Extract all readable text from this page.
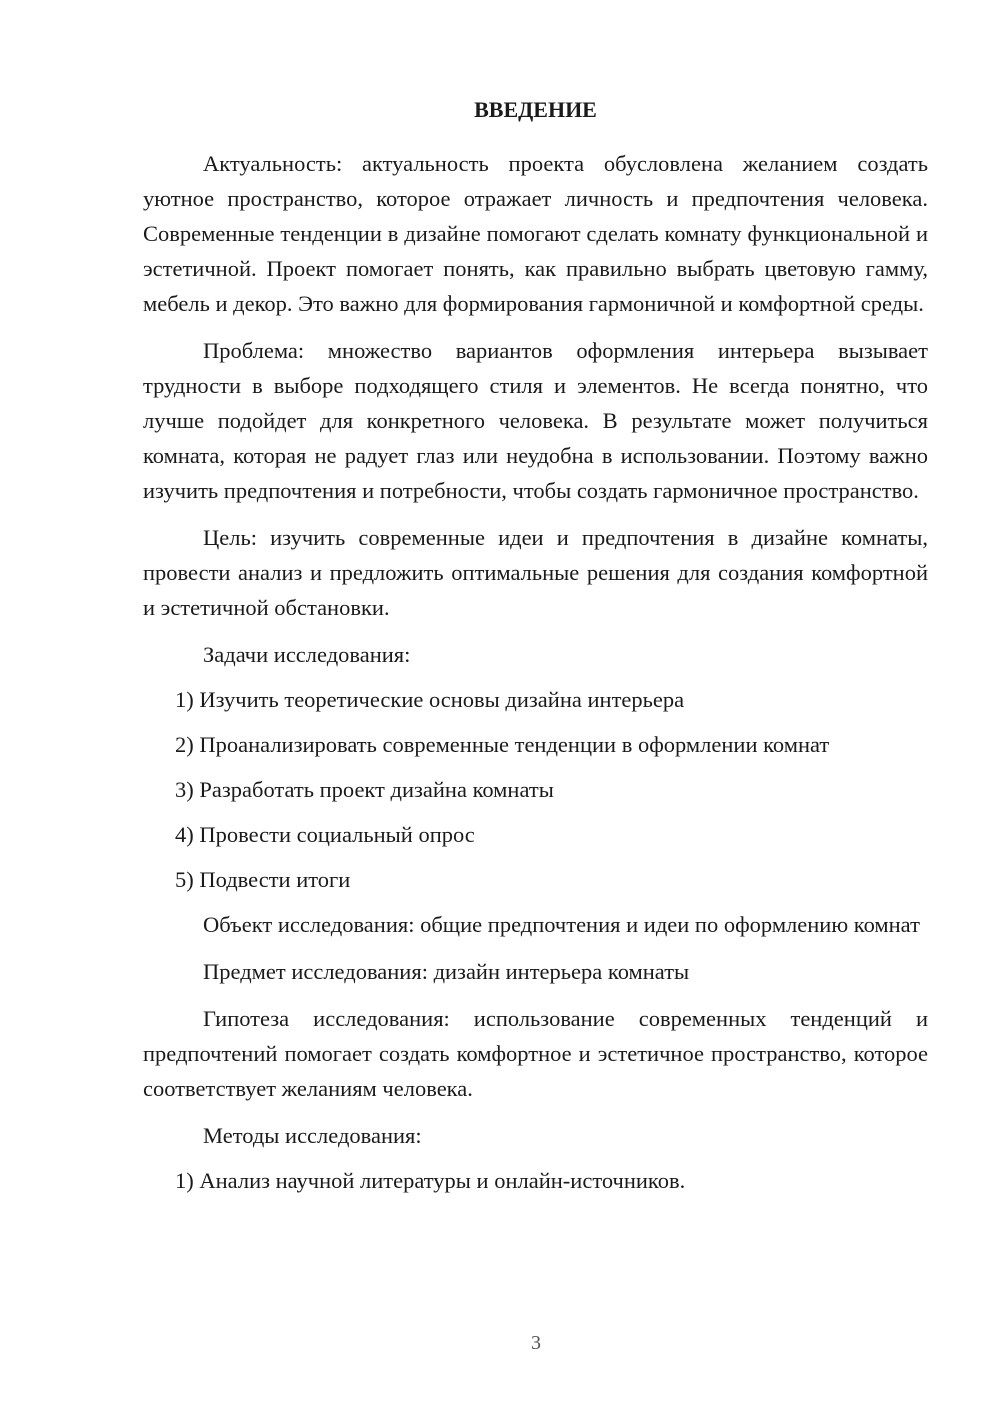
ВВЕДЕНИЕ

Актуальность: актуальность проекта обусловлена желанием создать уютное пространство, которое отражает личность и предпочтения человека. Современные тенденции в дизайне помогают сделать комнату функциональной и эстетичной. Проект помогает понять, как правильно выбрать цветовую гамму, мебель и декор. Это важно для формирования гармоничной и комфортной среды.

Проблема: множество вариантов оформления интерьера вызывает трудности в выборе подходящего стиля и элементов. Не всегда понятно, что лучше подойдет для конкретного человека. В результате может получиться комната, которая не радует глаз или неудобна в использовании. Поэтому важно изучить предпочтения и потребности, чтобы создать гармоничное пространство.

Цель: изучить современные идеи и предпочтения в дизайне комнаты, провести анализ и предложить оптимальные решения для создания комфортной и эстетичной обстановки.

Задачи исследования:
1) Изучить теоретические основы дизайна интерьера
2) Проанализировать современные тенденции в оформлении комнат
3) Разработать проект дизайна комнаты
4) Провести социальный опрос
5) Подвести итоги

Объект исследования: общие предпочтения и идеи по оформлению комнат

Предмет исследования: дизайн интерьера комнаты

Гипотеза исследования: использование современных тенденций и предпочтений помогает создать комфортное и эстетичное пространство, которое соответствует желаниям человека.

Методы исследования:
1) Анализ научной литературы и онлайн-источников.
3
